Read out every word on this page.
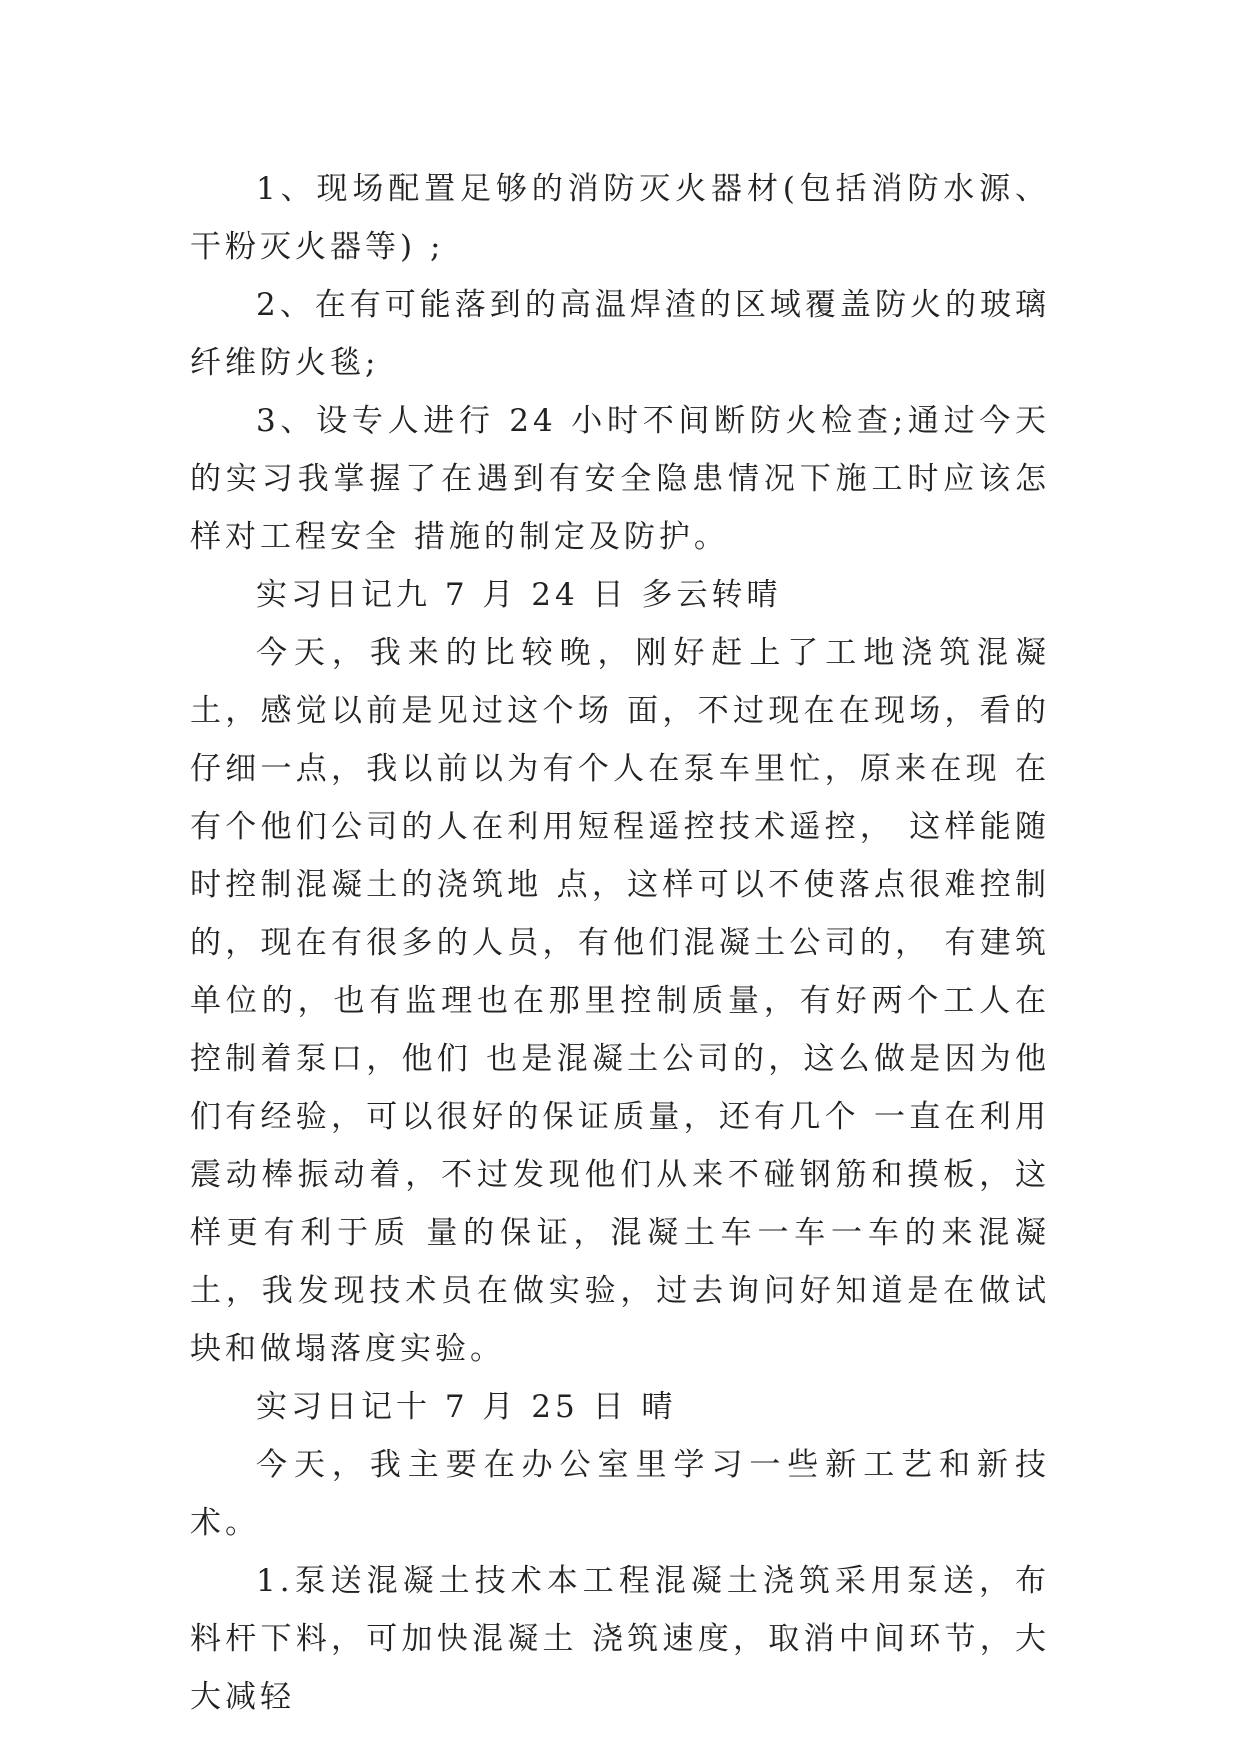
1、现场配置足够的消防灭火器材(包括消防水源、干粉灭火器等) ;

2、在有可能落到的高温焊渣的区域覆盖防火的玻璃纤维防火毯;

3、设专人进行 24 小时不间断防火检查;通过今天的实习我掌握了在遇到有安全隐患情况下施工时应该怎样对工程安全 措施的制定及防护。

实习日记九 7 月 24 日 多云转晴

今天，我来的比较晚，刚好赶上了工地浇筑混凝土，感觉以前是见过这个场 面，不过现在在现场，看的仔细一点，我以前以为有个人在泵车里忙，原来在现 在有个他们公司的人在利用短程遥控技术遥控， 这样能随时控制混凝土的浇筑地 点，这样可以不使落点很难控制的，现在有很多的人员，有他们混凝土公司的， 有建筑单位的，也有监理也在那里控制质量，有好两个工人在控制着泵口，他们 也是混凝土公司的，这么做是因为他们有经验，可以很好的保证质量，还有几个 一直在利用震动棒振动着，不过发现他们从来不碰钢筋和摸板，这样更有利于质 量的保证，混凝土车一车一车的来混凝土，我发现技术员在做实验，过去询问好知道是在做试块和做塌落度实验。

实习日记十 7 月 25 日 晴

今天，我主要在办公室里学习一些新工艺和新技术。

1.泵送混凝土技术本工程混凝土浇筑采用泵送，布料杆下料，可加快混凝土 浇筑速度，取消中间环节，大大减轻
